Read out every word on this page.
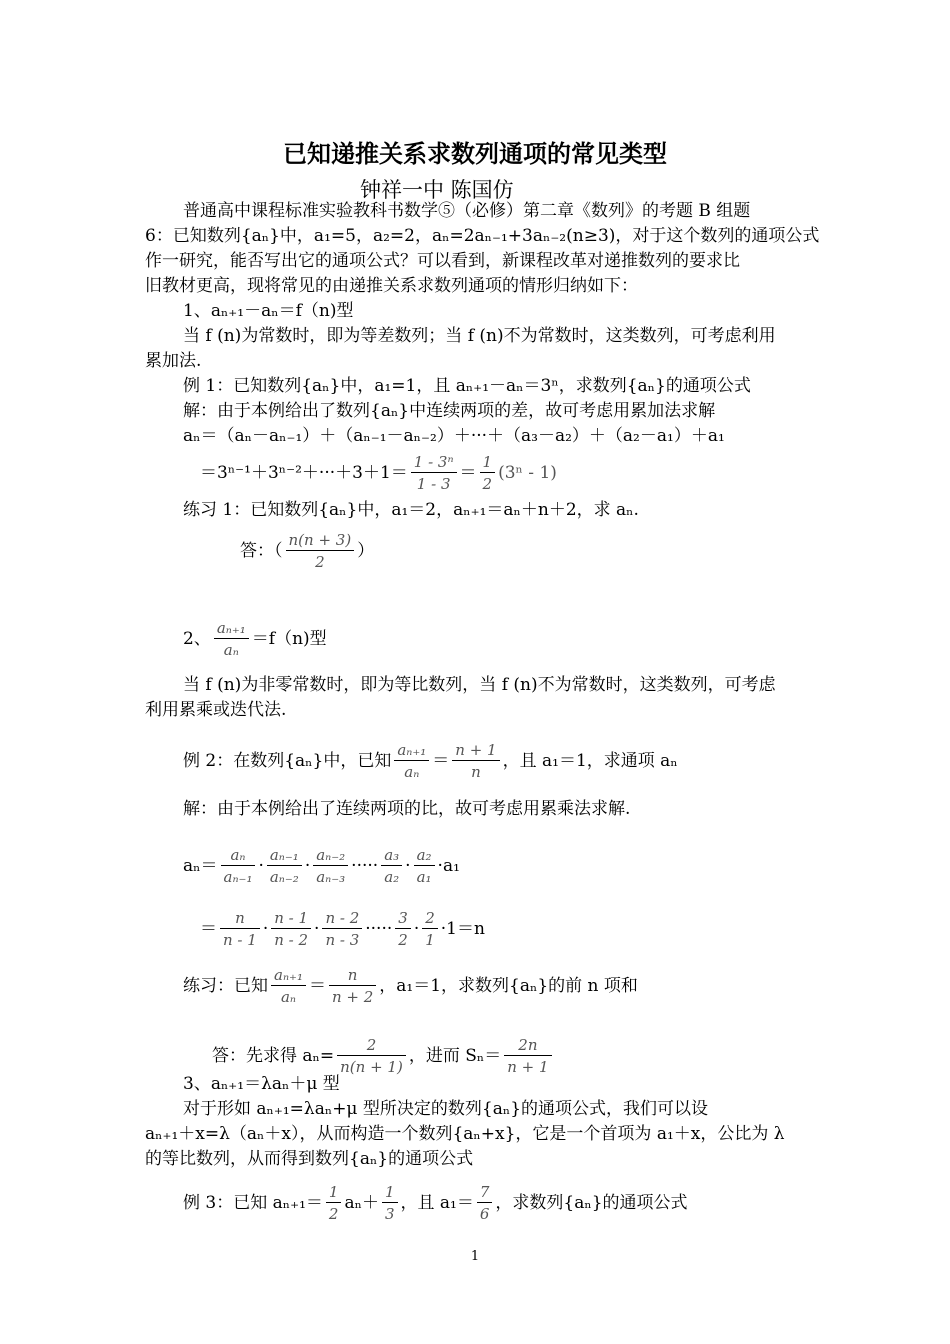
已知递推关系求数列通项的常见类型
钟祥一中 陈国仿
普通高中课程标准实验教科书数学⑤（必修）第二章《数列》的考题 B 组题
6：已知数列{aₙ}中，a₁=5，a₂=2，aₙ=2aₙ₋₁+3aₙ₋₂(n≥3)，对于这个数列的通项公式
作一研究，能否写出它的通项公式？可以看到，新课程改革对递推数列的要求比
旧教材更高，现将常见的由递推关系求数列通项的情形归纳如下：
1、aₙ₊₁－aₙ＝f（n)型
当 f (n)为常数时，即为等差数列；当 f (n)不为常数时，这类数列，可考虑利用
累加法.
例 1：已知数列{aₙ}中，a₁=1，且 aₙ₊₁－aₙ＝3ⁿ，求数列{aₙ}的通项公式
解：由于本例给出了数列{aₙ}中连续两项的差，故可考虑用累加法求解
aₙ＝（aₙ－aₙ₋₁）＋（aₙ₋₁－aₙ₋₂）＋···＋（a₃－a₂）＋（a₂－a₁）＋a₁
$=3^{n-1}+3^{n-2}+\cdot\cdot\cdot+3+1= \frac{\text{1 - 3ⁿ}}{1 - 3} = \frac{1}{2} (3^n - 1)$
练习 1：已知数列{aₙ}中，a₁＝2，aₙ₊₁＝aₙ＋n＋2，求 aₙ.
答：（ $\frac{n(n + 3)}{2}$ ）
2、 $\frac{\text{aₙ₊₁}}{\text{aₙ}} =f(n)$型
当 f (n)为非零常数时，即为等比数列，当 f (n)不为常数时，这类数列，可考虑
利用累乘或迭代法.
例 2：在数列{aₙ}中，已知 $\frac{\text{aₙ₊₁}}{\text{aₙ}} = \frac{n + 1}{n}$ ，且 a₁＝1，求通项 aₙ
解：由于本例给出了连续两项的比，故可考虑用累乘法求解.
$a_n= \frac{\text{aₙ}}{\text{aₙ₋₁}} \cdot \frac{\text{aₙ₋₁}}{\text{aₙ₋₂}} \cdot \frac{\text{aₙ₋₂}}{\text{aₙ₋₃}}$ ····· $\frac{\text{a₃}}{\text{a₂}} \cdot \frac{\text{a₂}}{\text{a₁}} \cdot a_1$
＝ $\frac{n}{n - 1} \cdot \frac{n - 1}{n - 2} \cdot \frac{n - 2}{n - 3}$ ····· $\frac{3}{2} \cdot \frac{2}{1} \cdot 1=n$
练习：已知 $\frac{\text{aₙ₊₁}}{\text{aₙ}} = \frac{n}{n + 2}$ ，a₁＝1，求数列{aₙ}的前 n 项和
答：先求得 $a_n= \frac{2}{n(n + 1)}$ ，进而 $S_n= \frac{2n}{n + 1}$
3、aₙ₊₁＝λaₙ＋μ 型
对于形如 aₙ₊₁=λaₙ+μ 型所决定的数列{aₙ}的通项公式，我们可以设
aₙ₊₁＋x=λ（aₙ＋x），从而构造一个数列{aₙ+x}，它是一个首项为 a₁＋x，公比为 λ
的等比数列，从而得到数列{aₙ}的通项公式
例 3：已知 $a_{n+1}= \frac{1}{2} a_n+ \frac{1}{3}$ ，且 $a_1= \frac{7}{6}$ ，求数列{aₙ}的通项公式
1
